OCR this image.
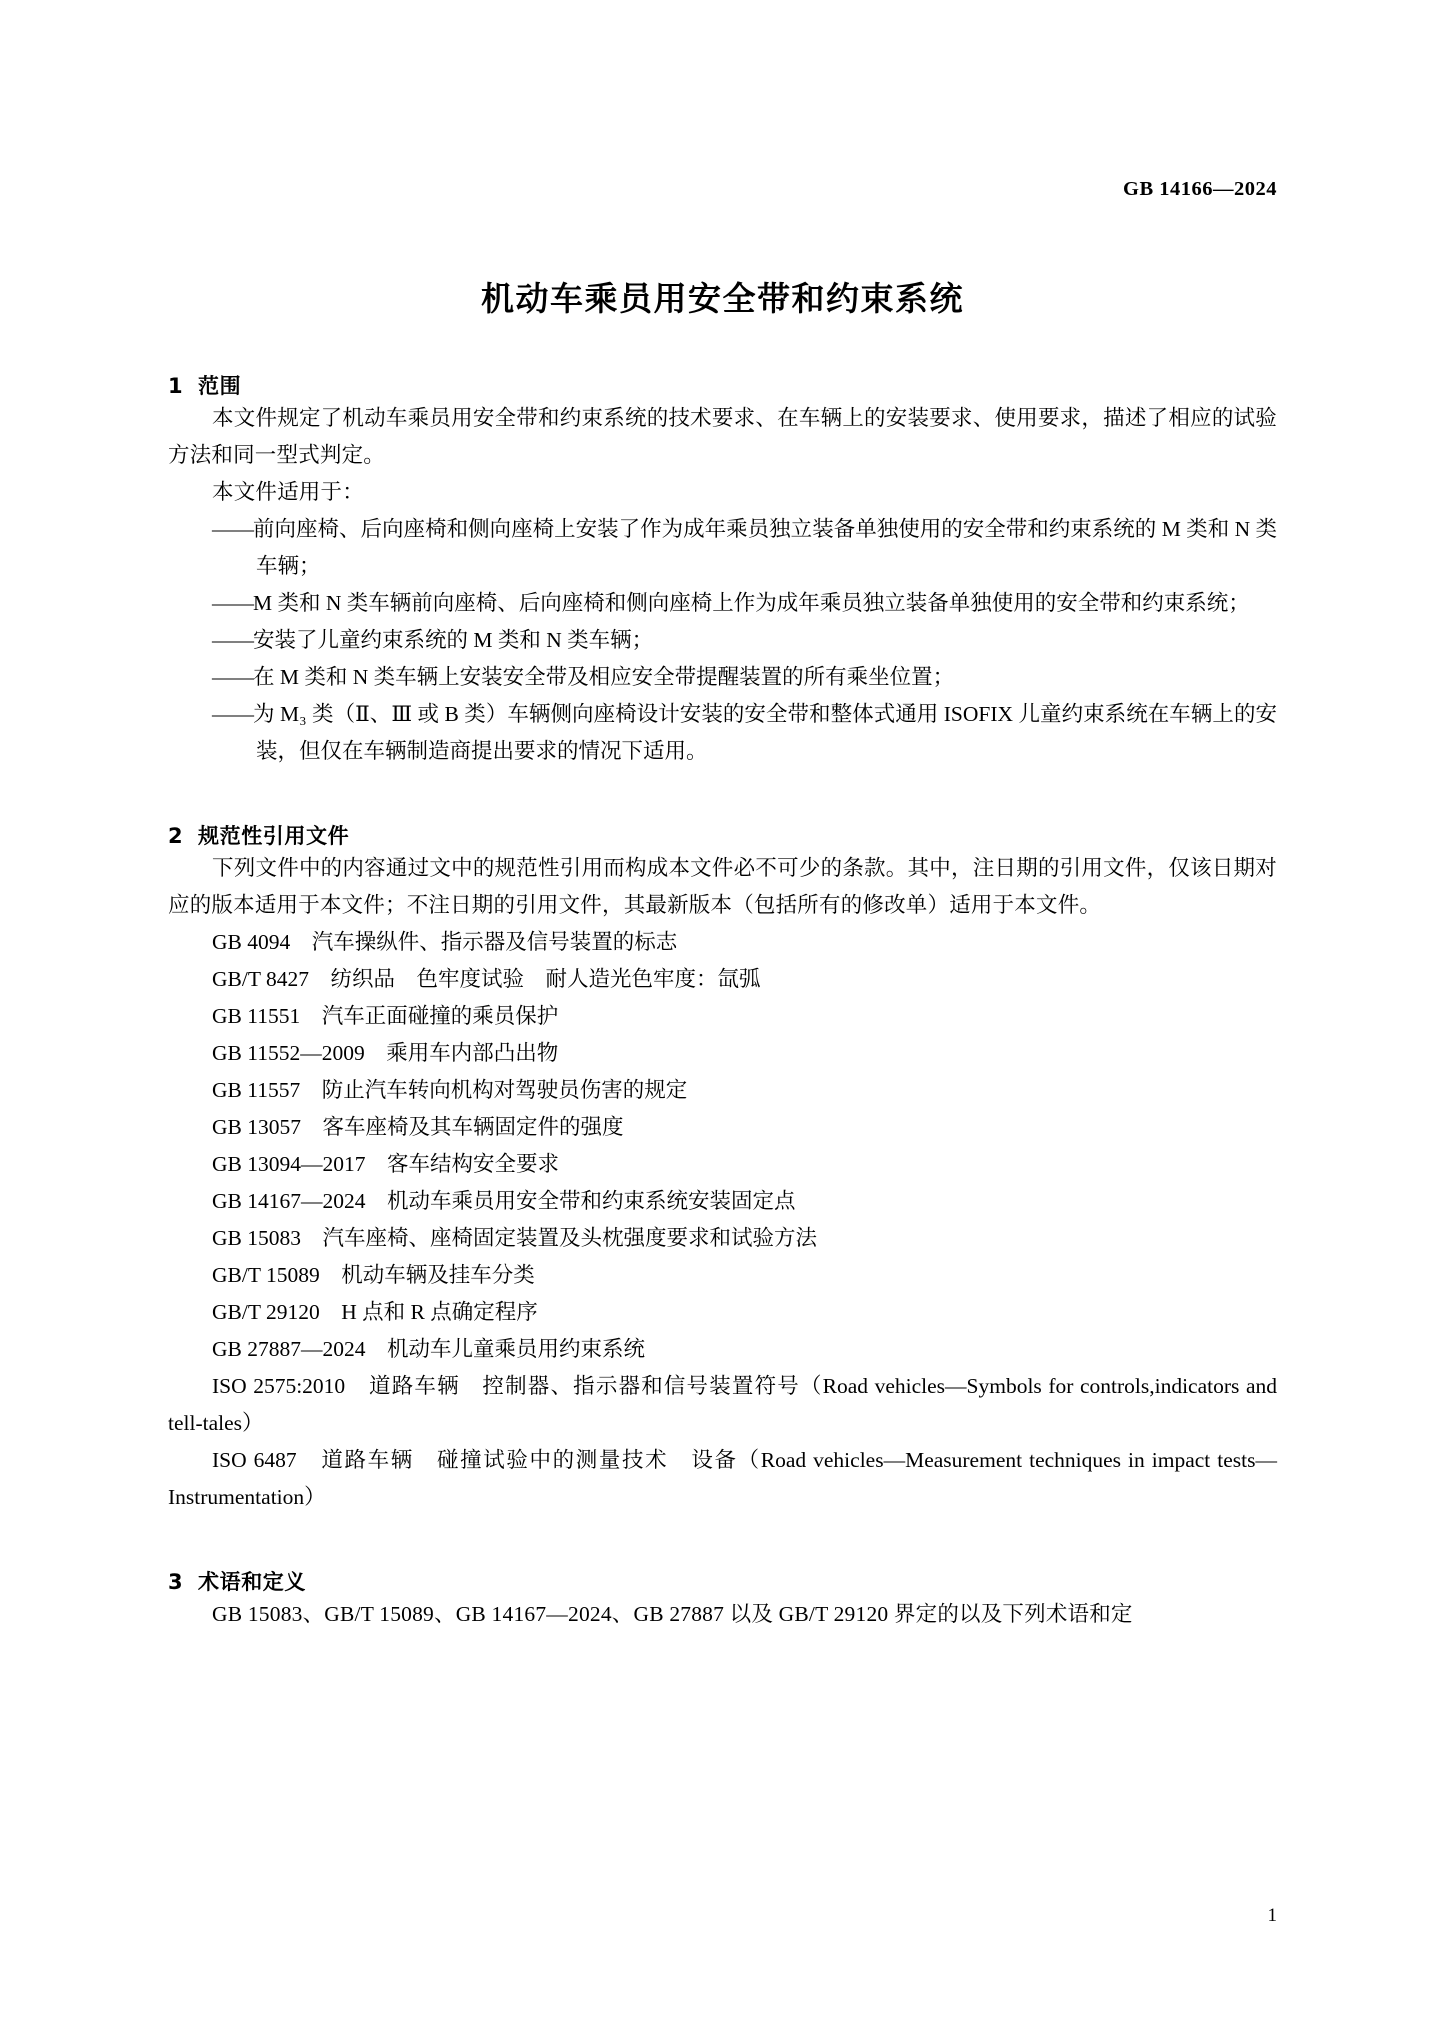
GB 14166—2024
机动车乘员用安全带和约束系统
1 范围

本文件规定了机动车乘员用安全带和约束系统的技术要求、在车辆上的安装要求、使用要求，描述了相应的试验方法和同一型式判定。

本文件适用于：

——前向座椅、后向座椅和侧向座椅上安装了作为成年乘员独立装备单独使用的安全带和约束系统的 M 类和 N 类车辆；

——M 类和 N 类车辆前向座椅、后向座椅和侧向座椅上作为成年乘员独立装备单独使用的安全带和约束系统；

——安装了儿童约束系统的 M 类和 N 类车辆；

——在 M 类和 N 类车辆上安装安全带及相应安全带提醒装置的所有乘坐位置；

——为 M₃ 类（Ⅱ、Ⅲ 或 B 类）车辆侧向座椅设计安装的安全带和整体式通用 ISOFIX 儿童约束系统在车辆上的安装，但仅在车辆制造商提出要求的情况下适用。

2 规范性引用文件

下列文件中的内容通过文中的规范性引用而构成本文件必不可少的条款。其中，注日期的引用文件，仅该日期对应的版本适用于本文件；不注日期的引用文件，其最新版本（包括所有的修改单）适用于本文件。

GB 4094　汽车操纵件、指示器及信号装置的标志

GB/T 8427　纺织品　色牢度试验　耐人造光色牢度：氙弧

GB 11551　汽车正面碰撞的乘员保护

GB 11552—2009　乘用车内部凸出物

GB 11557　防止汽车转向机构对驾驶员伤害的规定

GB 13057　客车座椅及其车辆固定件的强度

GB 13094—2017　客车结构安全要求

GB 14167—2024　机动车乘员用安全带和约束系统安装固定点

GB 15083　汽车座椅、座椅固定装置及头枕强度要求和试验方法

GB/T 15089　机动车辆及挂车分类

GB/T 29120　H 点和 R 点确定程序

GB 27887—2024　机动车儿童乘员用约束系统

ISO 2575:2010　道路车辆　控制器、指示器和信号装置符号（Road vehicles—Symbols for controls,indicators and tell-tales）

ISO 6487　道路车辆　碰撞试验中的测量技术　设备（Road vehicles—Measurement techniques in impact tests—Instrumentation）

3 术语和定义

GB 15083、GB/T 15089、GB 14167—2024、GB 27887 以及 GB/T 29120 界定的以及下列术语和定

1
